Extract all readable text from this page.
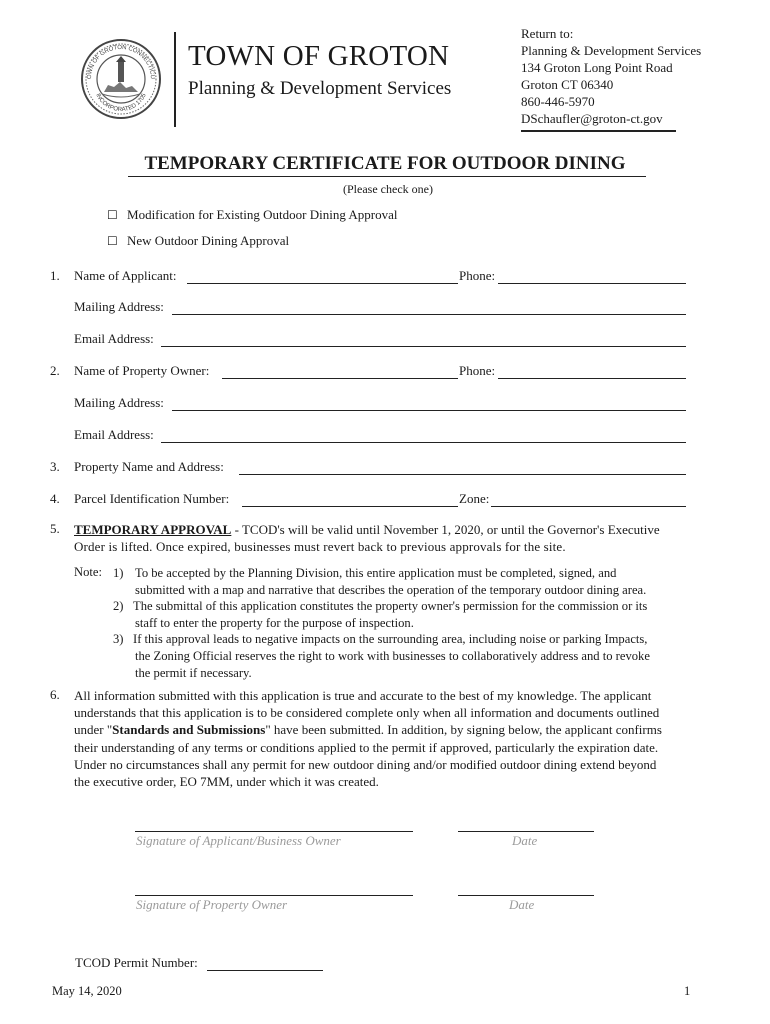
OWN OF GROTON CONNECTICU
INCORPORATED 1705
TOWN OF GROTON
Planning & Development Services
Return to:
Planning & Development Services
134 Groton Long Point Road
Groton CT 06340
860-446-5970
DSchaufler@groton-ct.gov
TEMPORARY CERTIFICATE FOR OUTDOOR DINING
(Please check one)
☐ Modification for Existing Outdoor Dining Approval
☐ New Outdoor Dining Approval
1. Name of Applicant:	Phone:
Mailing Address:
Email Address:
2. Name of Property Owner:	Phone:
Mailing Address:
Email Address:
3. Property Name and Address:
4. Parcel Identification Number:	Zone:
5. TEMPORARY APPROVAL - TCOD's will be valid until November 1, 2020, or until the Governor's Executive
Order is lifted. Once expired, businesses must revert back to previous approvals for the site.
Note: 1) To be accepted by the Planning Division, this entire application must be completed, signed, and
submitted with a map and narrative that describes the operation of the temporary outdoor dining area.
2) The submittal of this application constitutes the property owner's permission for the commission or its
staff to enter the property for the purpose of inspection.
3) If this approval leads to negative impacts on the surrounding area, including noise or parking Impacts,
the Zoning Official reserves the right to work with businesses to collaboratively address and to revoke
the permit if necessary.
6. All information submitted with this application is true and accurate to the best of my knowledge. The applicant
understands that this application is to be considered complete only when all information and documents outlined
under "Standards and Submissions" have been submitted. In addition, by signing below, the applicant confirms
their understanding of any terms or conditions applied to the permit if approved, particularly the expiration date.
Under no circumstances shall any permit for new outdoor dining and/or modified outdoor dining extend beyond
the executive order, EO 7MM, under which it was created.
Signature of Applicant/Business Owner	Date
Signature of Property Owner	Date
TCOD Permit Number:
May 14, 2020	1
